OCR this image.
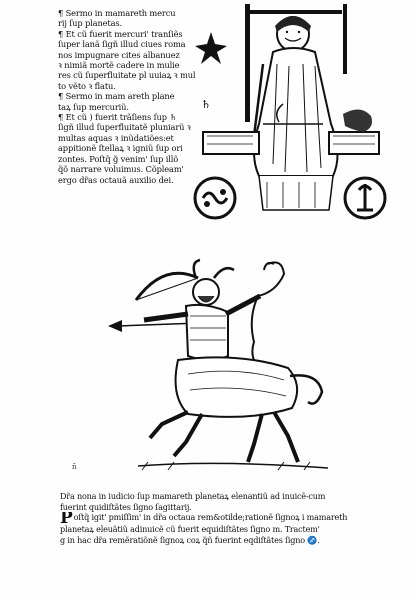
¶ Sermo in mamareth mercu
rij ſup planetas.
¶ Et cũ fuerit mercuri' tranſiẽs
ſuper lanã ſigñ illud ciues roma
nos impugnare cites albanuez
ꝛ nimiã mortẽ cadere in mulie
res cũ ſuperfluitate pl uuiaꝝ ꝛ mul
to vẽto ꝛ flatu.
¶ Sermo in mam areth plane
taꝝ ſup mercuriũ.
¶ Et cũ ) fuerit trãſiens ſup ♄
ſigñ illud ſuperfluitatẽ pluniarũ ꝛ
multas aquas ꝛ inũdatiões:et
appitionẽ ſtellaꝝ ꝛ igniũ ſup ori
zontes. Poſtq̃ g̃ venim' ſup illõ
q̃õ narrare voluimus. Cõpleam'
ergo dr̃as octauã auxilio dei.
♄
ñ
Dr̃a nona in iudicio ſup mamareth planetaꝝ elenantiũ ad inuicẽ-cum
fuerint quidiſtãtes ſigno ſagittarij.
Poſtq̃ igit' pmiſſim' in dr̃a octaua rem&otilde;rationẽ ſignoꝝ i mamareth
planetaꝝ eleuãtiũ adinuicẽ cũ fuerit equidiſtãtes ſigno m. Tractem'
g in hac dr̃a remẽratiõnẽ ſignoꝝ coꝝ q̃ñ fuerint eqdiſtãtes ſigno ♐.
